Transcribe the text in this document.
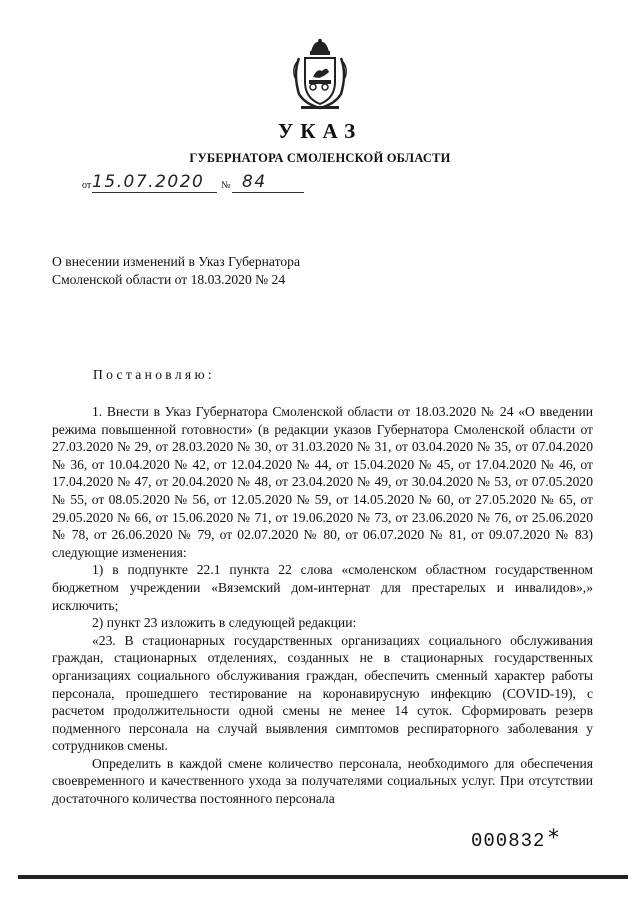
УКАЗ
ГУБЕРНАТОРА СМОЛЕНСКОЙ ОБЛАСТИ
от 15.07.2020 № 84
О внесении изменений в Указ Губернатора Смоленской области от 18.03.2020 № 24
Постановляю:

1. Внести в Указ Губернатора Смоленской области от 18.03.2020 № 24 «О введении режима повышенной готовности» (в редакции указов Губернатора Смоленской области от 27.03.2020 № 29, от 28.03.2020 № 30, от 31.03.2020 № 31, от 03.04.2020 № 35, от 07.04.2020 № 36, от 10.04.2020 № 42, от 12.04.2020 № 44, от 15.04.2020 № 45, от 17.04.2020 № 46, от 17.04.2020 № 47, от 20.04.2020 № 48, от 23.04.2020 № 49, от 30.04.2020 № 53, от 07.05.2020 № 55, от 08.05.2020 № 56, от 12.05.2020 № 59, от 14.05.2020 № 60, от 27.05.2020 № 65, от 29.05.2020 № 66, от 15.06.2020 № 71, от 19.06.2020 № 73, от 23.06.2020 № 76, от 25.06.2020 № 78, от 26.06.2020 № 79, от 02.07.2020 № 80, от 06.07.2020 № 81, от 09.07.2020 № 83) следующие изменения:

1) в подпункте 22.1 пункта 22 слова «смоленском областном государственном бюджетном учреждении «Вяземский дом-интернат для престарелых и инвалидов»,» исключить;

2) пункт 23 изложить в следующей редакции:

«23. В стационарных государственных организациях социального обслуживания граждан, стационарных отделениях, созданных не в стационарных государственных организациях социального обслуживания граждан, обеспечить сменный характер работы персонала, прошедшего тестирование на коронавирусную инфекцию (COVID-19), с расчетом продолжительности одной смены не менее 14 суток. Сформировать резерв подменного персонала на случай выявления симптомов респираторного заболевания у сотрудников смены.

Определить в каждой смене количество персонала, необходимого для обеспечения своевременного и качественного ухода за получателями социальных услуг. При отсутствии достаточного количества постоянного персонала

000832 *
